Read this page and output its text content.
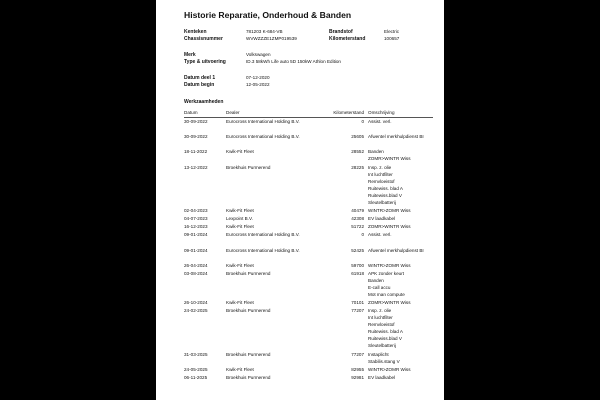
Historie Reparatie, Onderhoud & Banden
Kenteken	781203 K-684-VB
Chassisnummer	WVWZZZE1ZMP019539
Brandstof	Electric
Kilometerstand	100657
Merk	Volkswagen
Type & uitvoering	ID.3 58kWh Life auto 5D 150kW Athlon Edition
Datum deel 1	07-12-2020
Datum begin	12-05-2022
Werkzaamheden
Datum	Dealer	Kilometerstand Omschrijving
30-09-2022	Eurocross International Holding B.V.	0 Assist. verl.
30-09-2022	Eurocross International Holding B.V.	25605 Afwentel merkhulpdienst BI
18-11-2022	Kwik-Fit Fleet	28552 Banden
ZOMR>WINTR Wiss
13-12-2022	Broekhuis Purmerend	28225 Insp. z. olie
Int luchtfilter
Remvloeistof
Ruitewiss. blad A
Ruitewiss.blad V
Sleutelbatterij
02-04-2023	Kwik-Fit Fleet	40479 WINTR>ZOMR Wiss
04-07-2023	Lexpoint B.V.	42308 EV laadkabel
16-12-2023	Kwik-Fit Fleet	51722 ZOMR>WINTR Wiss
09-01-2024	Eurocross International Holding B.V.	0 Assist. verl.
09-01-2024	Eurocross International Holding B.V.	52425 Afwentel merkhulpdienst BI
26-04-2024	Kwik-Fit Fleet	59700 WINTR>ZOMR Wiss
03-08-2024	Broekhuis Purmerend	61918 APK zonder keurt
Banden
E-call accu
Mot man compute
26-10-2024	Kwik-Fit Fleet	70101 ZOMR>WINTR Wiss
24-02-2025	Broekhuis Purmerend	77207 Insp. z. olie
Int luchtfilter
Remvloeistof
Ruitewiss. blad A
Ruitewiss.blad V
Sleutelbatterij
31-03-2025	Broekhuis Purmerend	77207 Instaplicht
Stabilis.stang V
24-05-2025	Kwik-Fit Fleet	82955 WINTR>ZOMR Wiss
06-11-2025	Broekhuis Purmerend	92981 EV laadkabel
